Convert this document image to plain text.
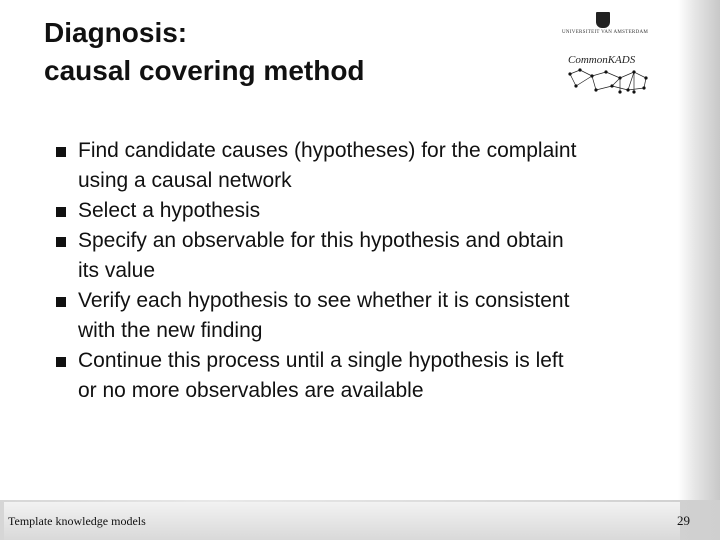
Diagnosis:
causal covering method
UNIVERSITEIT VAN AMSTERDAM
CommonKADS
Find candidate causes (hypotheses) for the complaint
using a causal network
Select a hypothesis
Specify an observable for this hypothesis and obtain
its value
Verify each hypothesis to see whether it is consistent
with the new finding
Continue this process until a single hypothesis is left
or no more observables are available
Template knowledge models	29
